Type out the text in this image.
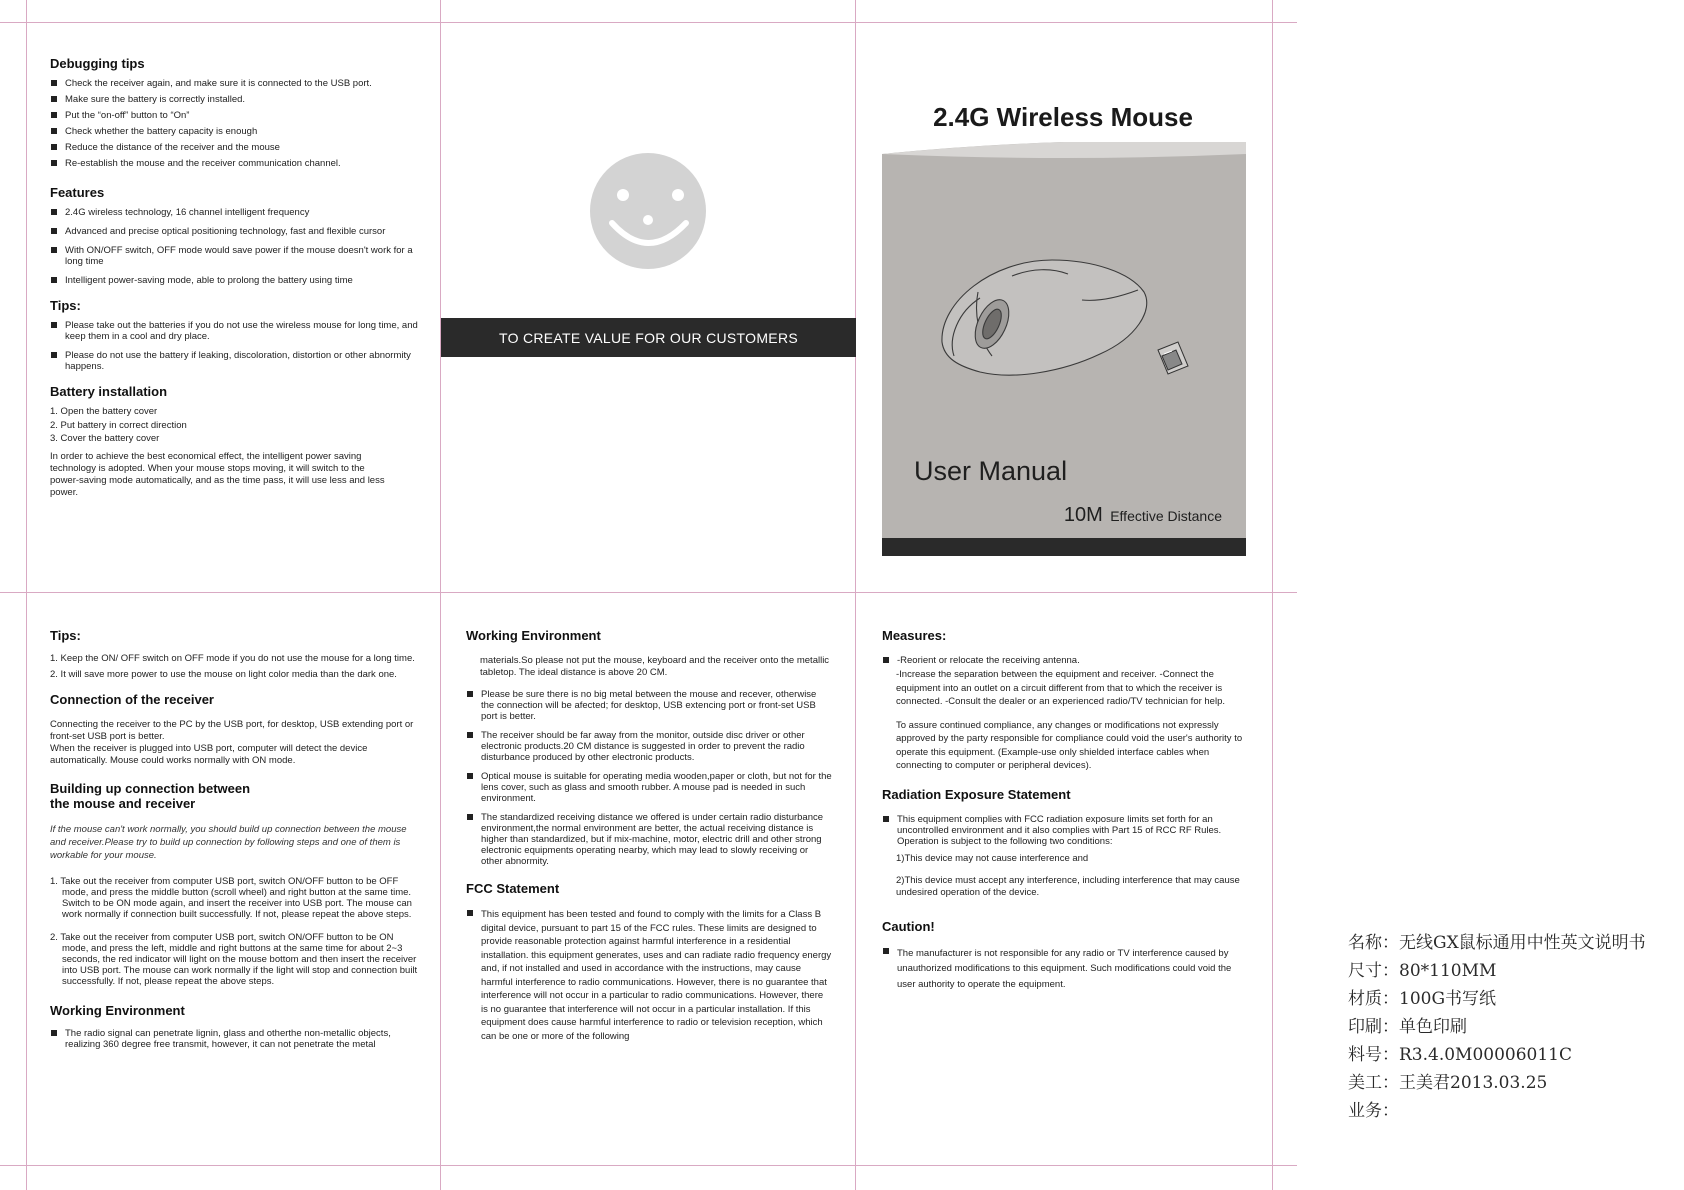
Debugging tips
Check the receiver again, and make sure it is connected to the USB port.
Make sure the battery is correctly installed.
Put the “on-off” button to “On”
Check whether the battery capacity is enough
Reduce the distance of the receiver and the mouse
Re-establish the mouse and the receiver communication channel.
Features
2.4G wireless technology, 16 channel intelligent frequency
Advanced and precise optical positioning technology, fast and flexible cursor
With ON/OFF switch, OFF mode would save power if the mouse doesn't work for a long time
Intelligent power-saving mode, able to prolong the battery using time
Tips:
Please take out the batteries if you do not use the wireless mouse for long time, and keep them in a cool and dry place.
Please do not use the battery if leaking, discoloration, distortion or other abnormity happens.
Battery installation
1. Open the battery cover
2. Put battery in correct direction
3. Cover the battery cover

In order to achieve the best economical effect, the intelligent power saving technology is adopted. When your mouse stops moving, it will switch to the power-saving mode automatically, and as the time pass, it will use less and less power.

TO CREATE VALUE FOR OUR CUSTOMERS
2.4G Wireless Mouse
User Manual
10M Effective Distance
Tips:
1. Keep the ON/ OFF switch on OFF mode if you do not use the mouse for a long time.
2. It will save more power to use the mouse on light color media than the dark one.
Connection of the receiver

Connecting the receiver to the PC by the USB port, for desktop, USB extending port or front-set USB port is better.

When the receiver is plugged into USB port, computer will detect the device automatically. Mouse could works normally with ON mode.

Building up connection between
the mouse and receiver

If the mouse can't work normally, you should build up connection between the mouse and receiver.Please try to build up connection by following steps and one of them is workable for your mouse.

1. Take out the receiver from computer USB port, switch ON/OFF button to be OFF mode, and press the middle button (scroll wheel) and right button at the same time. Switch to be ON mode again, and insert the receiver into USB port. The mouse can work normally if connection built successfully. If not, please repeat the above steps.
2. Take out the receiver from computer USB port, switch ON/OFF button to be ON mode, and press the left, middle and right buttons at the same time for about 2~3 seconds, the red indicator will light on the mouse bottom and then insert the receiver into USB port. The mouse can work normally if the light will stop and connection built successfully. If not, please repeat the above steps.
Working Environment
The radio signal can penetrate lignin, glass and otherthe non-metallic objects, realizing 360 degree free transmit, however, it can not penetrate the metal
Working Environment

materials.So please not put the mouse, keyboard and the receiver onto the metallic tabletop. The ideal distance is above 20 CM.

Please be sure there is no big metal between the mouse and recever, otherwise the connection will be afected; for desktop, USB extencing port or front-set USB port is better.
The receiver should be far away from the monitor, outside disc driver or other electronic products.20 CM distance is suggested in order to prevent the radio disturbance produced by other electronic products.
Optical mouse is suitable for operating media wooden,paper or cloth, but not for the lens cover, such as glass and smooth rubber. A mouse pad is needed in such environment.
The standardized receiving distance we offered is under certain radio disturbance environment,the normal environment are better, the actual receiving distance is higher than standardized, but if mix-machine, motor, electric drill and other strong electronic equipments operating nearby, which may lead to slowly receiving or other abnormity.
FCC Statement
This equipment has been tested and found to comply with the limits for a Class B digital device, pursuant to part 15 of the FCC rules. These limits are designed to provide reasonable protection against harmful interference in a residential installation. this equipment generates, uses and can radiate radio frequency energy and, if not installed and used in accordance with the instructions, may cause harmful interference to radio communications. However, there is no guarantee that interference will not occur in a particular to radio communications. However, there is no guarantee that interference will not occur in a particular installation. If this equipment does cause harmful interference to radio or television reception, which can be one or more of the following
Measures:
-Reorient or relocate the receiving antenna.

-Increase the separation between the equipment and receiver. -Connect the equipment into an outlet on a circuit different from that to which the receiver is connected. -Consult the dealer or an experienced radio/TV technician for help.

To assure continued compliance, any changes or modifications not expressly approved by the party responsible for compliance could void the user's authority to operate this equipment. (Example-use only shielded interface cables when connecting to computer or peripheral devices).

Radiation Exposure Statement
This equipment complies with FCC radiation exposure limits set forth for an uncontrolled environment and it also complies with Part 15 of RCC RF Rules. Operation is subject to the following two conditions:

1)This device may not cause interference and

2)This device must accept any interference, including interference that may cause undesired operation of the device.

Caution!
The manufacturer is not responsible for any radio or TV interference caused by unauthorized modifications to this equipment. Such modifications could void the user authority to operate the equipment.
名称：无线GX鼠标通用中性英文说明书
尺寸：80*110MM
材质：100G书写纸
印刷：单色印刷
料号：R3.4.0M00006011C
美工：王美君2013.03.25
业务：
